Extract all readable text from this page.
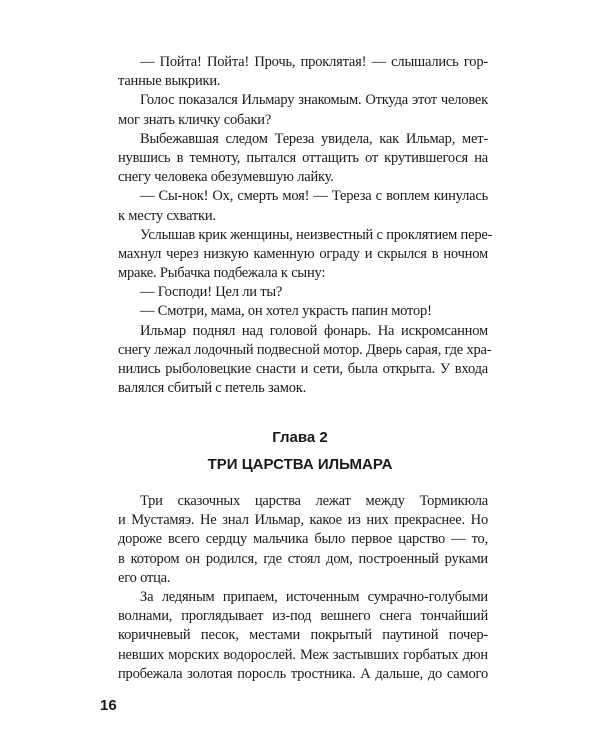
— Пойта! Пойта! Прочь, проклятая! — слышались гор-
танные выкрики.
Голос показался Ильмару знакомым. Откуда этот человек
мог знать кличку собаки?
Выбежавшая следом Тереза увидела, как Ильмар, мет-
нувшись в темноту, пытался оттащить от крутившегося на
снегу человека обезумевшую лайку.
— Сы-нок! Ох, смерть моя! — Тереза с воплем кинулась
к месту схватки.
Услышав крик женщины, неизвестный с проклятием пере-
махнул через низкую каменную ограду и скрылся в ночном
мраке. Рыбачка подбежала к сыну:
— Господи! Цел ли ты?
— Смотри, мама, он хотел украсть папин мотор!
Ильмар поднял над головой фонарь. На искромсанном
снегу лежал лодочный подвесной мотор. Дверь сарая, где хра-
нились рыболовецкие снасти и сети, была открыта. У входа
валялся сбитый с петель замок.
Глава 2
ТРИ ЦАРСТВА ИЛЬМАРА
Три сказочных царства лежат между Тормикюла
и Мустамяэ. Не знал Ильмар, какое из них прекраснее. Но
дороже всего сердцу мальчика было первое царство — то,
в котором он родился, где стоял дом, построенный руками
его отца.
За ледяным припаем, источенным сумрачно-голубыми
волнами, проглядывает из-под вешнего снега тончайший
коричневый песок, местами покрытый паутиной почер-
невших морских водорослей. Меж застывших горбатых дюн
пробежала золотая поросль тростника. А дальше, до самого
16
